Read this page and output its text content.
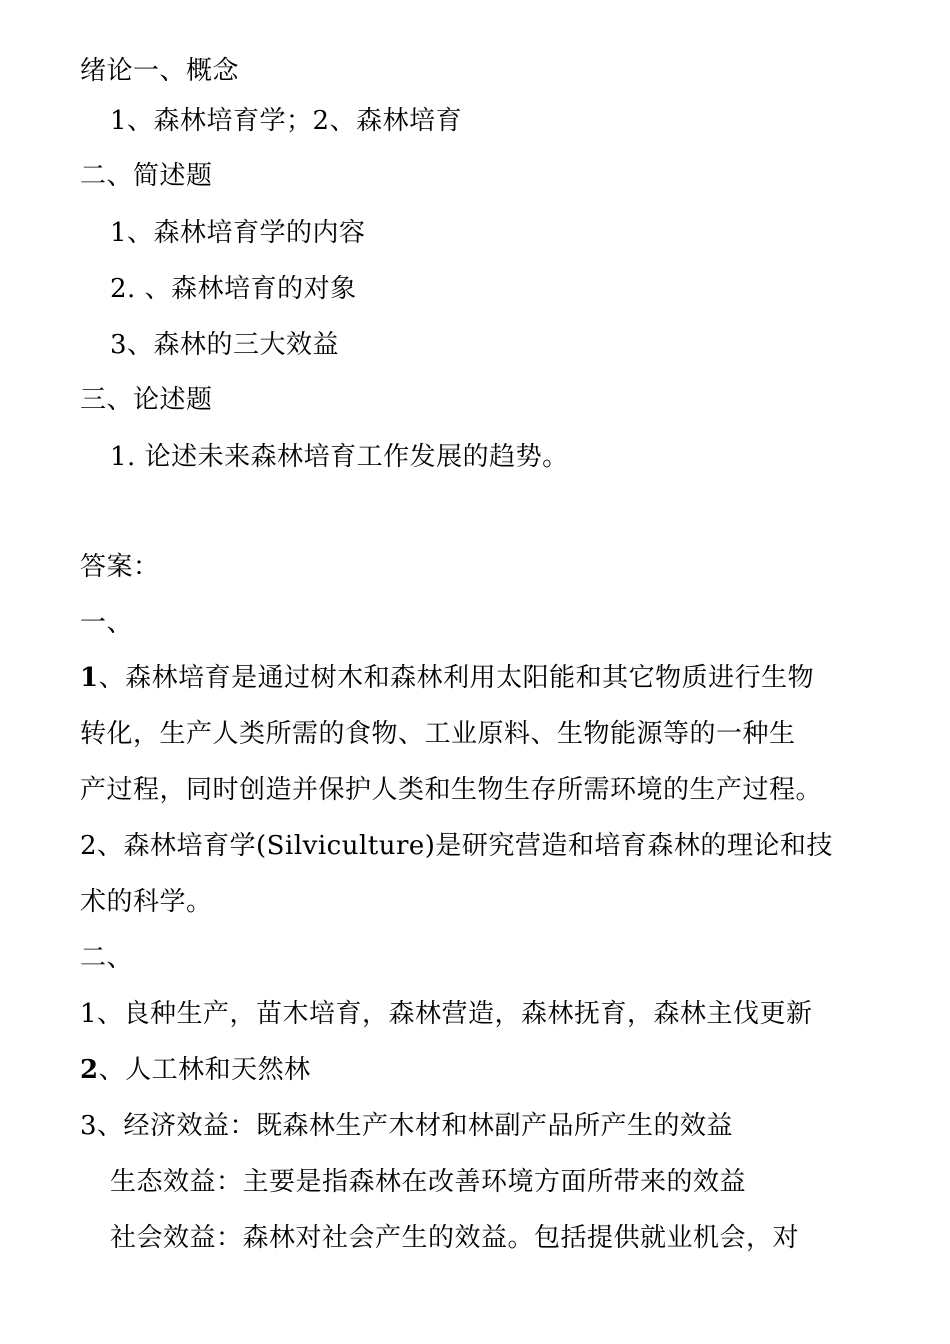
绪论一、概念
1、森林培育学；2、森林培育
二、简述题
1、森林培育学的内容
2. 、森林培育的对象
3、森林的三大效益
三、论述题
1. 论述未来森林培育工作发展的趋势。
答案：
一、
1、森林培育是通过树木和森林利用太阳能和其它物质进行生物
转化，生产人类所需的食物、工业原料、生物能源等的一种生
产过程，同时创造并保护人类和生物生存所需环境的生产过程。
2、森林培育学(Silviculture)是研究营造和培育森林的理论和技
术的科学。
二、
1、良种生产，苗木培育，森林营造，森林抚育，森林主伐更新
2、人工林和天然林
3、经济效益：既森林生产木材和林副产品所产生的效益
生态效益：主要是指森林在改善环境方面所带来的效益
社会效益：森林对社会产生的效益。包括提供就业机会，对
